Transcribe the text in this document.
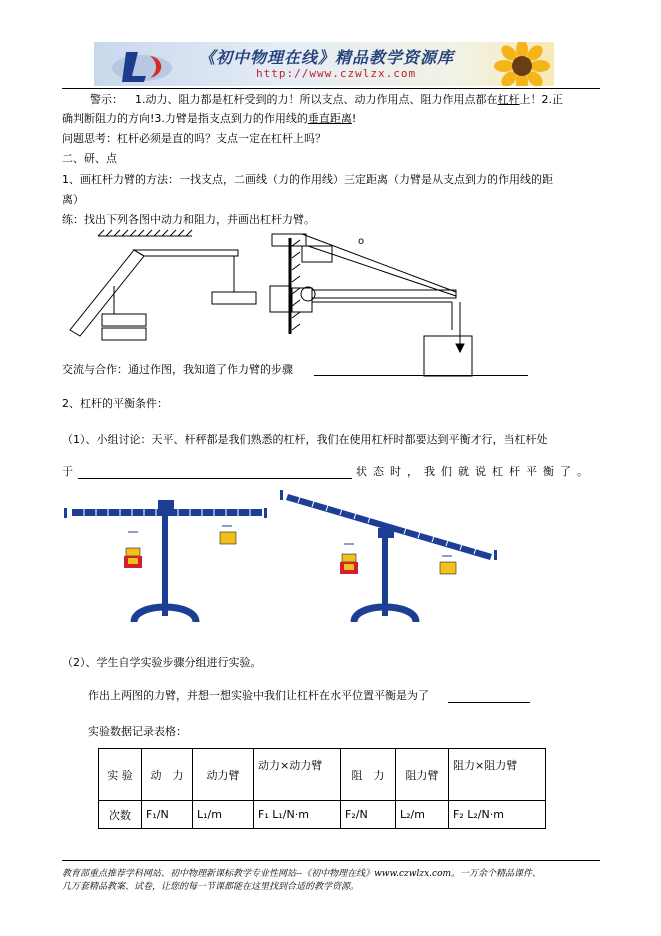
《初中物理在线》精品教学资源库
http://www.czwlzx.com
警示： 1.动力、阻力都是杠杆受到的力！所以支点、动力作用点、阻力作用点都在杠杆上！2.正
确判断阻力的方向!3.力臂是指支点到力的作用线的垂直距离!
问题思考：杠杆必须是直的吗？支点一定在杠杆上吗？
二、研、点
1、画杠杆力臂的方法：一找支点，二画线（力的作用线）三定距离（力臂是从支点到力的作用线的距
离）
练：找出下列各图中动力和阻力，并画出杠杆力臂。
o
交流与合作：通过作图，我知道了作力臂的步骤
2、杠杆的平衡条件：
（1）、小组讨论：天平、杆秤都是我们熟悉的杠杆，我们在使用杠杆时都要达到平衡才行，当杠杆处
于	状态时，我们就说杠杆平衡了。
（2）、学生自学实验步骤分组进行实验。
作出上两图的力臂，并想一想实验中我们让杠杆在水平位置平衡是为了
实验数据记录表格：
实 验	动　力	动力臂	动力×动力臂	阻　力	阻力臂	阻力×阻力臂
次数	F₁/N	L₁/m	F₁ L₁/N·m	F₂/N	L₂/m	F₂ L₂/N·m
教育部重点推荐学科网站、初中物理新课标教学专业性网站--《初中物理在线》www.czwlzx.com。一万余个精品课件、
几万套精品教案、试卷，让您的每一节课都能在这里找到合适的教学资源。
